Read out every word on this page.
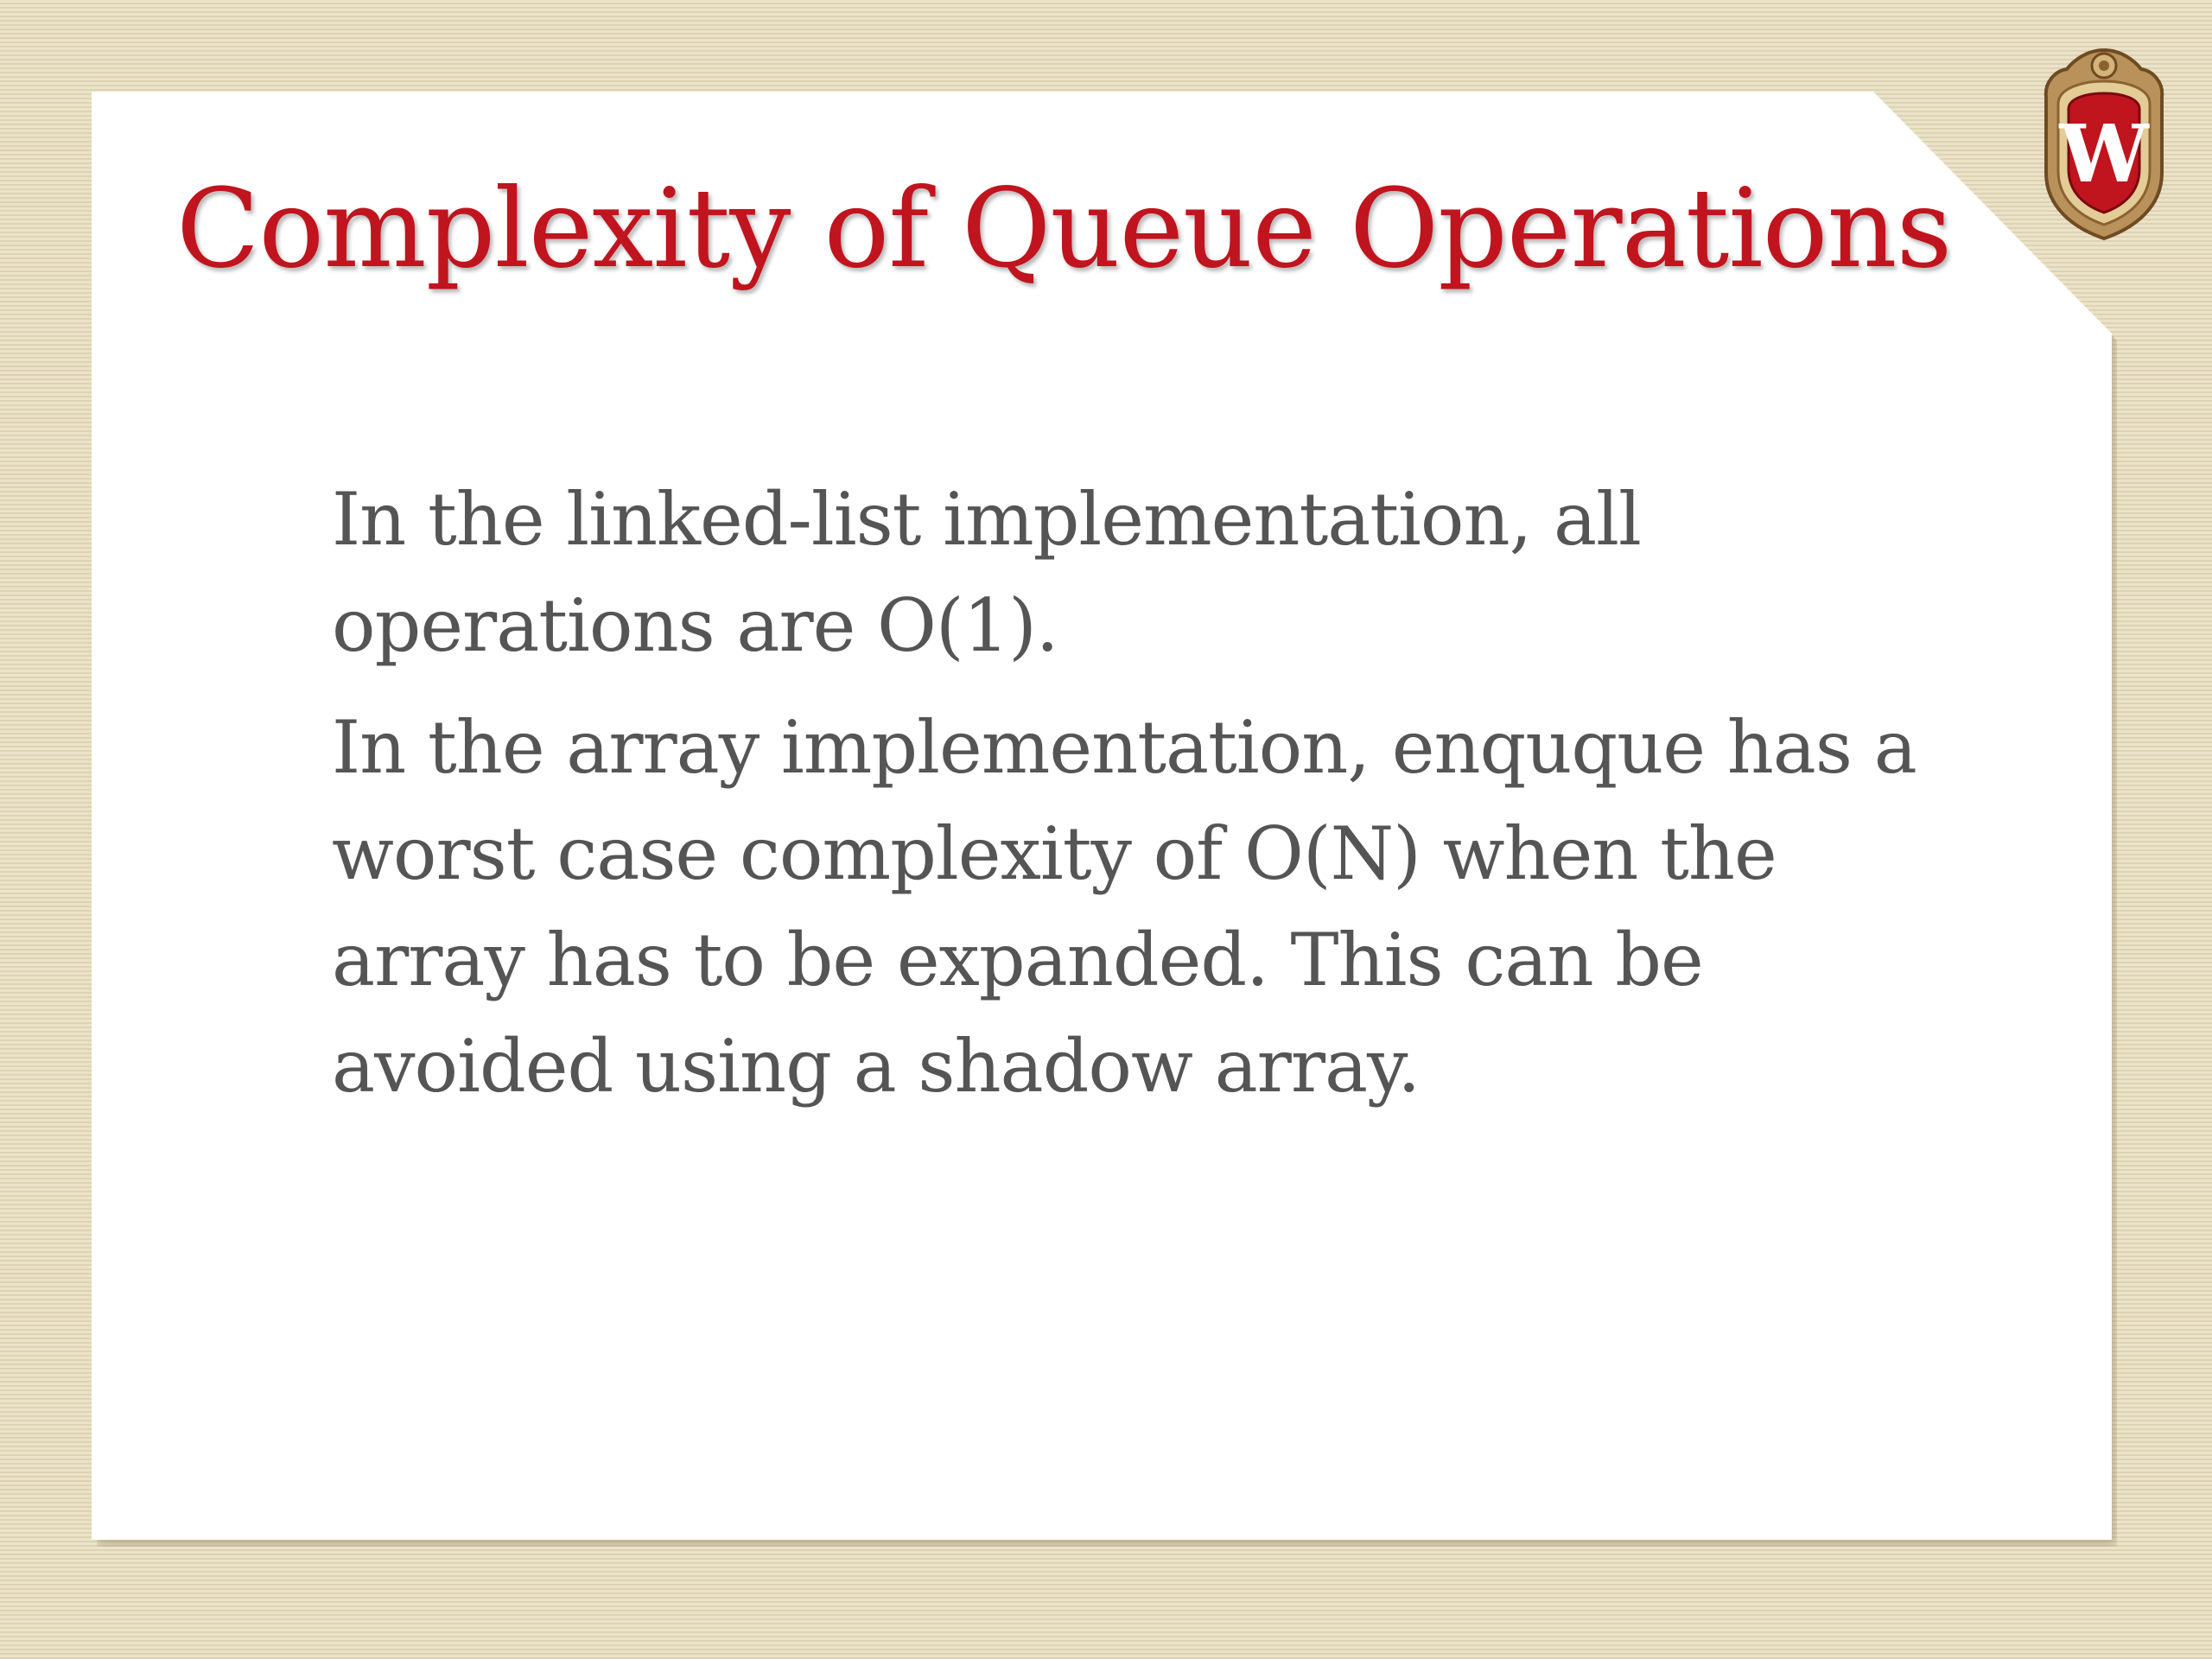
Complexity of Queue Operations

In the linked-list implementation, all operations are O(1).

In the array implementation, enquque has a worst case complexity of O(N) when the array has to be expanded. This can be avoided using a shadow array.

W
